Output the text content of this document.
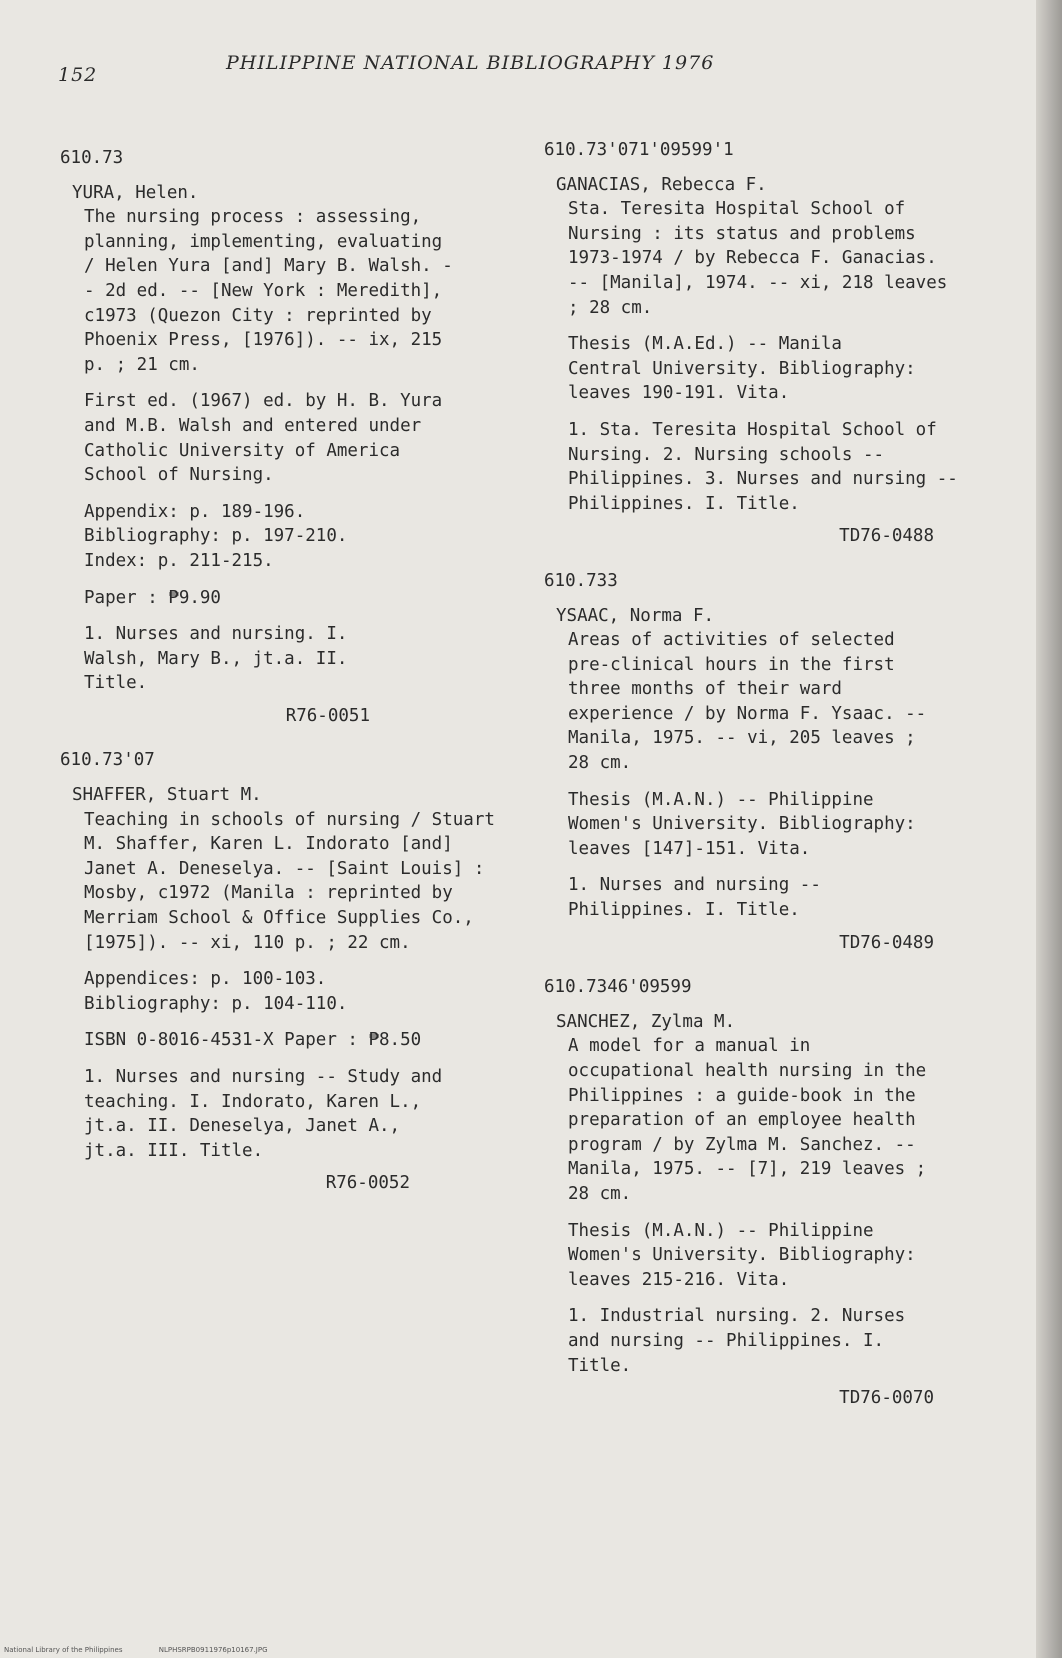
152
PHILIPPINE NATIONAL BIBLIOGRAPHY 1976
610.73
YURA, Helen.
The nursing process : assessing, planning, implementing, evaluating / Helen Yura [and] Mary B. Walsh. -- 2d ed. -- [New York : Meredith], c1973 (Quezon City : reprinted by Phoenix Press, [1976]). -- ix, 215 p. ; 21 cm.
First ed. (1967) ed. by H. B. Yura and M.B. Walsh and entered under Catholic University of America School of Nursing.
Appendix: p. 189-196. Bibliography: p. 197-210. Index: p. 211-215.
Paper : ₱9.90
1. Nurses and nursing. I. Walsh, Mary B., jt.a. II. Title.
R76-0051
610.73'07
SHAFFER, Stuart M.
Teaching in schools of nursing / Stuart M. Shaffer, Karen L. Indorato [and] Janet A. Deneselya. -- [Saint Louis] : Mosby, c1972 (Manila : reprinted by Merriam School & Office Supplies Co., [1975]). -- xi, 110 p. ; 22 cm.
Appendices: p. 100-103. Bibliography: p. 104-110.
ISBN 0-8016-4531-X Paper : ₱8.50
1. Nurses and nursing -- Study and teaching. I. Indorato, Karen L., jt.a. II. Deneselya, Janet A., jt.a. III. Title.
R76-0052
610.73'071'09599'1
GANACIAS, Rebecca F.
Sta. Teresita Hospital School of Nursing : its status and problems 1973-1974 / by Rebecca F. Ganacias. -- [Manila], 1974. -- xi, 218 leaves ; 28 cm.
Thesis (M.A.Ed.) -- Manila Central University. Bibliography: leaves 190-191. Vita.
1. Sta. Teresita Hospital School of Nursing. 2. Nursing schools -- Philippines. 3. Nurses and nursing -- Philippines. I. Title.
TD76-0488
610.733
YSAAC, Norma F.
Areas of activities of selected pre-clinical hours in the first three months of their ward experience / by Norma F. Ysaac. -- Manila, 1975. -- vi, 205 leaves ; 28 cm.
Thesis (M.A.N.) -- Philippine Women's University. Bibliography: leaves [147]-151. Vita.
1. Nurses and nursing -- Philippines. I. Title.
TD76-0489
610.7346'09599
SANCHEZ, Zylma M.
A model for a manual in occupational health nursing in the Philippines : a guide-book in the preparation of an employee health program / by Zylma M. Sanchez. -- Manila, 1975. -- [7], 219 leaves ; 28 cm.
Thesis (M.A.N.) -- Philippine Women's University. Bibliography: leaves 215-216. Vita.
1. Industrial nursing. 2. Nurses and nursing -- Philippines. I. Title.
TD76-0070
National Library of the Philippines	NLPHSRPB0911976p10167.JPG
